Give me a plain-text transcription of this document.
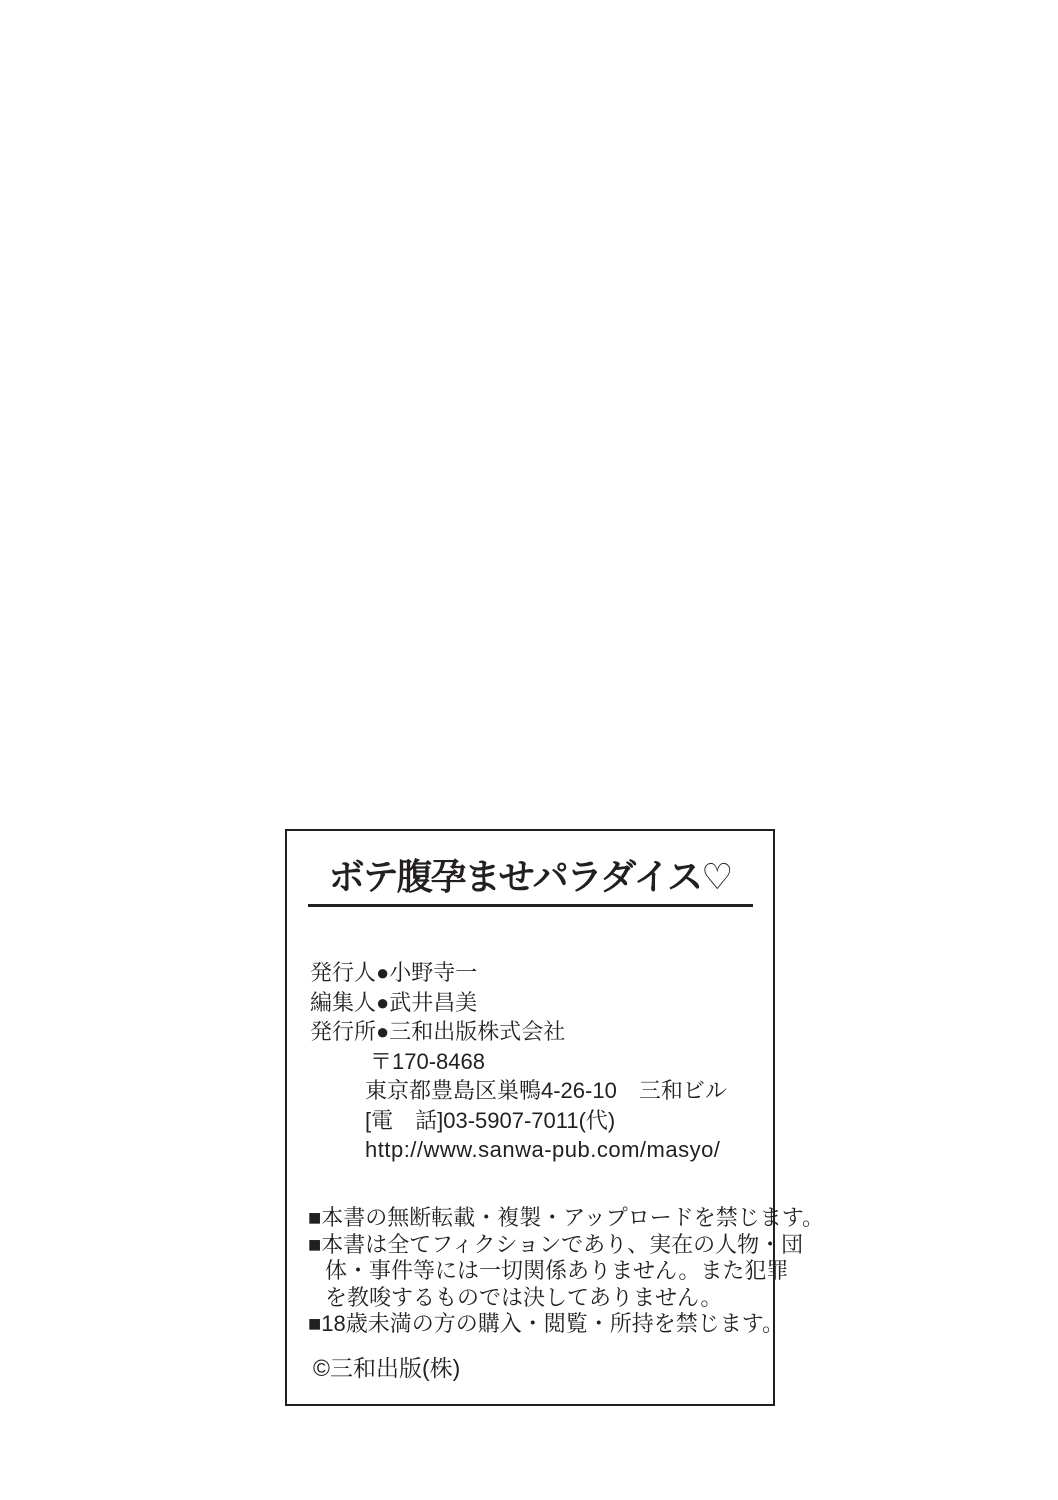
ボテ腹孕ませパラダイス♡
発行人●小野寺一
編集人●武井昌美
発行所●三和出版株式会社
〒170-8468
東京都豊島区巣鴨4-26-10　三和ビル
[電　話]03-5907-7011(代)
http://www.sanwa-pub.com/masyo/
■本書の無断転載・複製・アップロードを禁じます。
■本書は全てフィクションであり、実在の人物・団
体・事件等には一切関係ありません。また犯罪
を教唆するものでは決してありません。
■18歳未満の方の購入・閲覧・所持を禁じます。
©三和出版(株)
